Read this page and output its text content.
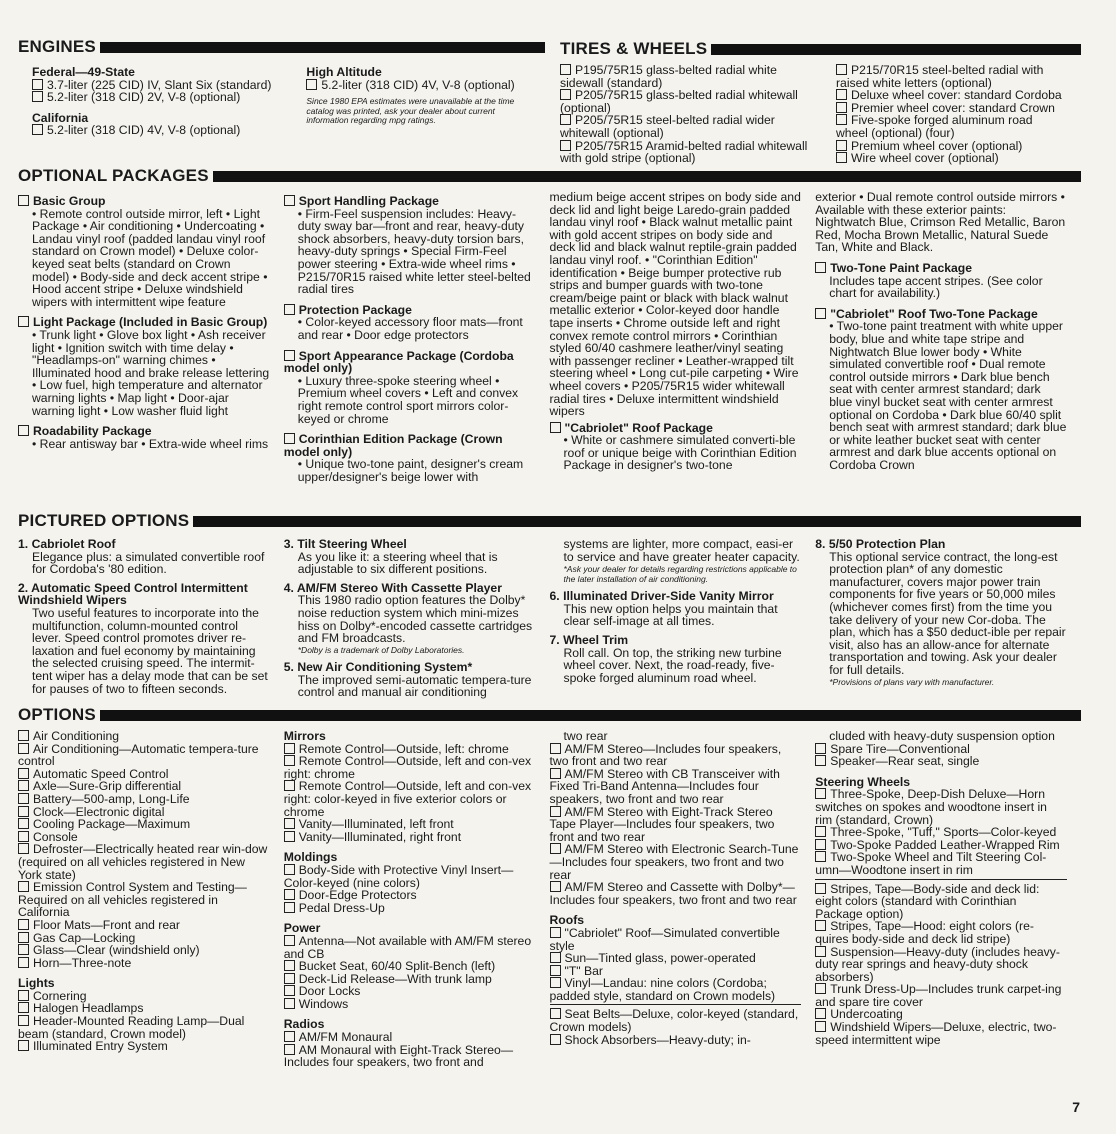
ENGINES
Federal—49-State
3.7-liter (225 CID) IV, Slant Six (standard)
5.2-liter (318 CID) 2V, V-8 (optional)
California
5.2-liter (318 CID) 4V, V-8 (optional)
High Altitude
5.2-liter (318 CID) 4V, V-8 (optional)
Since 1980 EPA estimates were unavailable at the time catalog was printed, ask your dealer about current information regarding mpg ratings.
TIRES & WHEELS
P195/75R15 glass-belted radial white sidewall (standard)
P205/75R15 glass-belted radial whitewall (optional)
P205/75R15 steel-belted radial wider whitewall (optional)
P205/75R15 Aramid-belted radial whitewall with gold stripe (optional)
P215/70R15 steel-belted radial with raised white letters (optional)
Deluxe wheel cover: standard Cordoba
Premier wheel cover: standard Crown
Five-spoke forged aluminum road wheel (optional) (four)
Premium wheel cover (optional)
Wire wheel cover (optional)
OPTIONAL PACKAGES
Basic Group
• Remote control outside mirror, left • Light Package • Air conditioning • Undercoating • Landau vinyl roof (padded landau vinyl roof standard on Crown model) • Deluxe color-keyed seat belts (standard on Crown model) • Body-side and deck accent stripe • Hood accent stripe • Deluxe windshield wipers with intermittent wipe feature
Light Package (Included in Basic Group)
• Trunk light • Glove box light • Ash receiver light • Ignition switch with time delay • "Headlamps-on" warning chimes • Illuminated hood and brake release lettering • Low fuel, high temperature and alternator warning lights • Map light • Door-ajar warning light • Low washer fluid light
Roadability Package
• Rear antisway bar • Extra-wide wheel rims
Sport Handling Package
• Firm-Feel suspension includes: Heavy-duty sway bar—front and rear, heavy-duty shock absorbers, heavy-duty torsion bars, heavy-duty springs • Special Firm-Feel power steering • Extra-wide wheel rims • P215/70R15 raised white letter steel-belted radial tires
Protection Package
• Color-keyed accessory floor mats—front and rear • Door edge protectors
Sport Appearance Package (Cordoba model only)
• Luxury three-spoke steering wheel • Premium wheel covers • Left and convex right remote control sport mirrors color-keyed or chrome
Corinthian Edition Package (Crown model only)
• Unique two-tone paint, designer's cream upper/designer's beige lower with
medium beige accent stripes on body side and deck lid and light beige Laredo-grain padded landau vinyl roof • Black walnut metallic paint with gold accent stripes on body side and deck lid and black walnut reptile-grain padded landau vinyl roof. • "Corinthian Edition" identification • Beige bumper protective rub strips and bumper guards with two-tone cream/beige paint or black with black walnut metallic exterior • Color-keyed door handle tape inserts • Chrome outside left and right convex remote control mirrors • Corinthian styled 60/40 cashmere leather/vinyl seating with passenger recliner • Leather-wrapped tilt steering wheel • Long cut-pile carpeting • Wire wheel covers • P205/75R15 wider whitewall radial tires • Deluxe intermittent windshield wipers
"Cabriolet" Roof Package
• White or cashmere simulated converti-ble roof or unique beige with Corinthian Edition Package in designer's two-tone
exterior • Dual remote control outside mirrors • Available with these exterior paints: Nightwatch Blue, Crimson Red Metallic, Baron Red, Mocha Brown Metallic, Natural Suede Tan, White and Black.
Two-Tone Paint Package
Includes tape accent stripes. (See color chart for availability.)
"Cabriolet" Roof Two-Tone Package
• Two-tone paint treatment with white upper body, blue and white tape stripe and Nightwatch Blue lower body • White simulated convertible roof • Dual remote control outside mirrors • Dark blue bench seat with center armrest standard; dark blue vinyl bucket seat with center armrest optional on Cordoba • Dark blue 60/40 split bench seat with armrest standard; dark blue or white leather bucket seat with center armrest and dark blue accents optional on Cordoba Crown
PICTURED OPTIONS
1. Cabriolet Roof
Elegance plus: a simulated convertible roof for Cordoba's '80 edition.
2. Automatic Speed Control Intermittent Windshield Wipers
Two useful features to incorporate into the multifunction, column-mounted control lever. Speed control promotes driver re-laxation and fuel economy by maintaining the selected cruising speed. The intermit-tent wiper has a delay mode that can be set for pauses of two to fifteen seconds.
3. Tilt Steering Wheel
As you like it: a steering wheel that is adjustable to six different positions.
4. AM/FM Stereo With Cassette Player
This 1980 radio option features the Dolby* noise reduction system which mini-mizes hiss on Dolby*-encoded cassette cartridges and FM broadcasts.
*Dolby is a trademark of Dolby Laboratories.
5. New Air Conditioning System*
The improved semi-automatic tempera-ture control and manual air conditioning
systems are lighter, more compact, easi-er to service and have greater heater capacity.
*Ask your dealer for details regarding restrictions applicable to the later installation of air conditioning.
6. Illuminated Driver-Side Vanity Mirror
This new option helps you maintain that clear self-image at all times.
7. Wheel Trim
Roll call. On top, the striking new turbine wheel cover. Next, the road-ready, five-spoke forged aluminum road wheel.
8. 5/50 Protection Plan
This optional service contract, the long-est protection plan* of any domestic manufacturer, covers major power train components for five years or 50,000 miles (whichever comes first) from the time you take delivery of your new Cor-doba. The plan, which has a $50 deduct-ible per repair visit, also has an allow-ance for alternate transportation and towing. Ask your dealer for full details.
*Provisions of plans vary with manufacturer.
OPTIONS
Air Conditioning
Air Conditioning—Automatic tempera-ture control
Automatic Speed Control
Axle—Sure-Grip differential
Battery—500-amp, Long-Life
Clock—Electronic digital
Cooling Package—Maximum
Console
Defroster—Electrically heated rear win-dow (required on all vehicles registered in New York state)
Emission Control System and Testing—Required on all vehicles registered in California
Floor Mats—Front and rear
Gas Cap—Locking
Glass—Clear (windshield only)
Horn—Three-note
Lights
Cornering
Halogen Headlamps
Header-Mounted Reading Lamp—Dual beam (standard, Crown model)
Illuminated Entry System
Mirrors
Remote Control—Outside, left: chrome
Remote Control—Outside, left and con-vex right: chrome
Remote Control—Outside, left and con-vex right: color-keyed in five exterior colors or chrome
Vanity—Illuminated, left front
Vanity—Illuminated, right front
Moldings
Body-Side with Protective Vinyl Insert—Color-keyed (nine colors)
Door-Edge Protectors
Pedal Dress-Up
Power
Antenna—Not available with AM/FM stereo and CB
Bucket Seat, 60/40 Split-Bench (left)
Deck-Lid Release—With trunk lamp
Door Locks
Windows
Radios
AM/FM Monaural
AM Monaural with Eight-Track Stereo—Includes four speakers, two front and
two rear
AM/FM Stereo—Includes four speakers, two front and two rear
AM/FM Stereo with CB Transceiver with Fixed Tri-Band Antenna—Includes four speakers, two front and two rear
AM/FM Stereo with Eight-Track Stereo Tape Player—Includes four speakers, two front and two rear
AM/FM Stereo with Electronic Search-Tune—Includes four speakers, two front and two rear
AM/FM Stereo and Cassette with Dolby*—Includes four speakers, two front and two rear
Roofs
"Cabriolet" Roof—Simulated convertible style
Sun—Tinted glass, power-operated
"T" Bar
Vinyl—Landau: nine colors (Cordoba; padded style, standard on Crown models)
Seat Belts—Deluxe, color-keyed (standard, Crown models)
Shock Absorbers—Heavy-duty; in-
cluded with heavy-duty suspension option
Spare Tire—Conventional
Speaker—Rear seat, single
Steering Wheels
Three-Spoke, Deep-Dish Deluxe—Horn switches on spokes and woodtone insert in rim (standard, Crown)
Three-Spoke, "Tuff," Sports—Color-keyed
Two-Spoke Padded Leather-Wrapped Rim
Two-Spoke Wheel and Tilt Steering Col-umn—Woodtone insert in rim
Stripes, Tape—Body-side and deck lid: eight colors (standard with Corinthian Package option)
Stripes, Tape—Hood: eight colors (re-quires body-side and deck lid stripe)
Suspension—Heavy-duty (includes heavy-duty rear springs and heavy-duty shock absorbers)
Trunk Dress-Up—Includes trunk carpet-ing and spare tire cover
Undercoating
Windshield Wipers—Deluxe, electric, two-speed intermittent wipe
7
